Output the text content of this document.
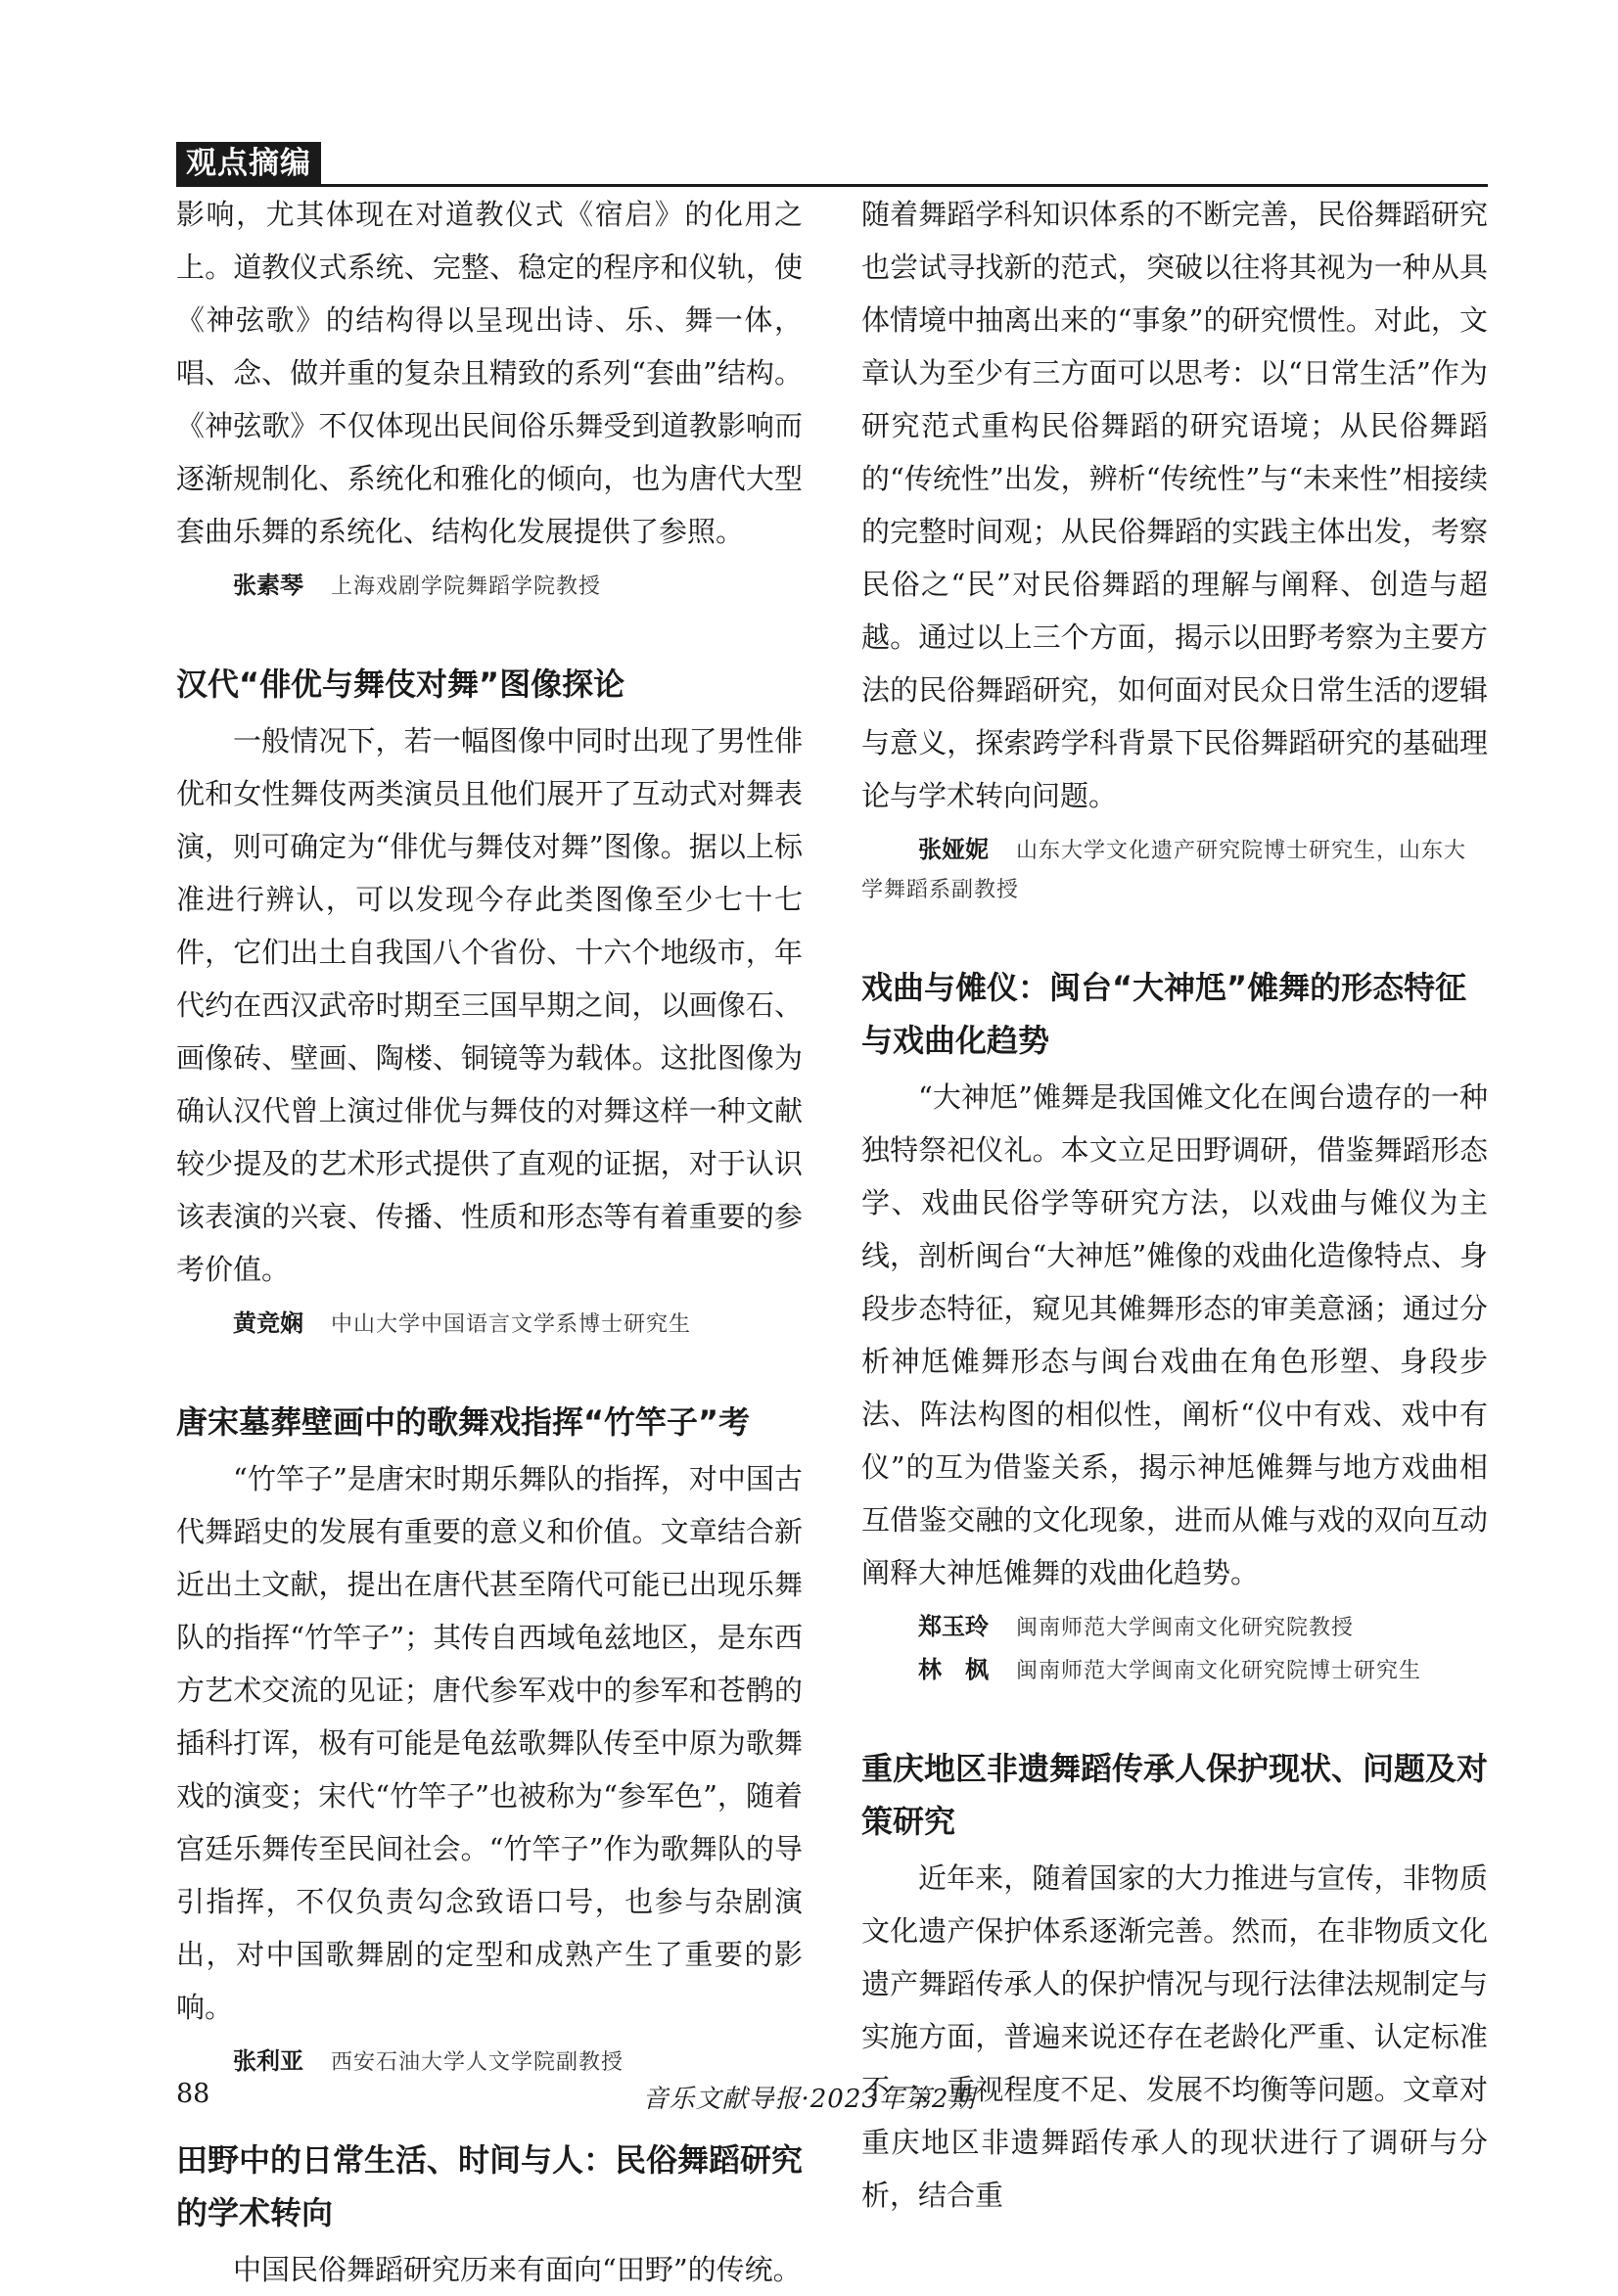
观点摘编

影响，尤其体现在对道教仪式《宿启》的化用之上。道教仪式系统、完整、稳定的程序和仪轨，使《神弦歌》的结构得以呈现出诗、乐、舞一体，唱、念、做并重的复杂且精致的系列“套曲”结构。《神弦歌》不仅体现出民间俗乐舞受到道教影响而逐渐规制化、系统化和雅化的倾向，也为唐代大型套曲乐舞的系统化、结构化发展提供了参照。

张素琴 上海戏剧学院舞蹈学院教授
汉代“俳优与舞伎对舞”图像探论

一般情况下，若一幅图像中同时出现了男性俳优和女性舞伎两类演员且他们展开了互动式对舞表演，则可确定为“俳优与舞伎对舞”图像。据以上标准进行辨认，可以发现今存此类图像至少七十七件，它们出土自我国八个省份、十六个地级市，年代约在西汉武帝时期至三国早期之间，以画像石、画像砖、壁画、陶楼、铜镜等为载体。这批图像为确认汉代曾上演过俳优与舞伎的对舞这样一种文献较少提及的艺术形式提供了直观的证据，对于认识该表演的兴衰、传播、性质和形态等有着重要的参考价值。

黄竞娴 中山大学中国语言文学系博士研究生
唐宋墓葬壁画中的歌舞戏指挥“竹竿子”考

“竹竿子”是唐宋时期乐舞队的指挥，对中国古代舞蹈史的发展有重要的意义和价值。文章结合新近出土文献，提出在唐代甚至隋代可能已出现乐舞队的指挥“竹竿子”；其传自西域龟兹地区，是东西方艺术交流的见证；唐代参军戏中的参军和苍鹘的插科打诨，极有可能是龟兹歌舞队传至中原为歌舞戏的演变；宋代“竹竿子”也被称为“参军色”，随着宫廷乐舞传至民间社会。“竹竿子”作为歌舞队的导引指挥，不仅负责勾念致语口号，也参与杂剧演出，对中国歌舞剧的定型和成熟产生了重要的影响。

张利亚 西安石油大学人文学院副教授
田野中的日常生活、时间与人：民俗舞蹈研究的学术转向

中国民俗舞蹈研究历来有面向“田野”的传统。

随着舞蹈学科知识体系的不断完善，民俗舞蹈研究也尝试寻找新的范式，突破以往将其视为一种从具体情境中抽离出来的“事象”的研究惯性。对此，文章认为至少有三方面可以思考：以“日常生活”作为研究范式重构民俗舞蹈的研究语境；从民俗舞蹈的“传统性”出发，辨析“传统性”与“未来性”相接续的完整时间观；从民俗舞蹈的实践主体出发，考察民俗之“民”对民俗舞蹈的理解与阐释、创造与超越。通过以上三个方面，揭示以田野考察为主要方法的民俗舞蹈研究，如何面对民众日常生活的逻辑与意义，探索跨学科背景下民俗舞蹈研究的基础理论与学术转向问题。

张娅妮 山东大学文化遗产研究院博士研究生，山东大学舞蹈系副教授
戏曲与傩仪：闽台“大神尪”傩舞的形态特征与戏曲化趋势

“大神尪”傩舞是我国傩文化在闽台遗存的一种独特祭祀仪礼。本文立足田野调研，借鉴舞蹈形态学、戏曲民俗学等研究方法，以戏曲与傩仪为主线，剖析闽台“大神尪”傩像的戏曲化造像特点、身段步态特征，窥见其傩舞形态的审美意涵；通过分析神尪傩舞形态与闽台戏曲在角色形塑、身段步法、阵法构图的相似性，阐析“仪中有戏、戏中有仪”的互为借鉴关系，揭示神尪傩舞与地方戏曲相互借鉴交融的文化现象，进而从傩与戏的双向互动阐释大神尪傩舞的戏曲化趋势。

郑玉玲 闽南师范大学闽南文化研究院教授
林　枫 闽南师范大学闽南文化研究院博士研究生
重庆地区非遗舞蹈传承人保护现状、问题及对策研究

近年来，随着国家的大力推进与宣传，非物质文化遗产保护体系逐渐完善。然而，在非物质文化遗产舞蹈传承人的保护情况与现行法律法规制定与实施方面，普遍来说还存在老龄化严重、认定标准不一、重视程度不足、发展不均衡等问题。文章对重庆地区非遗舞蹈传承人的现状进行了调研与分析，结合重

88	音乐文献导报·2023年第2期
